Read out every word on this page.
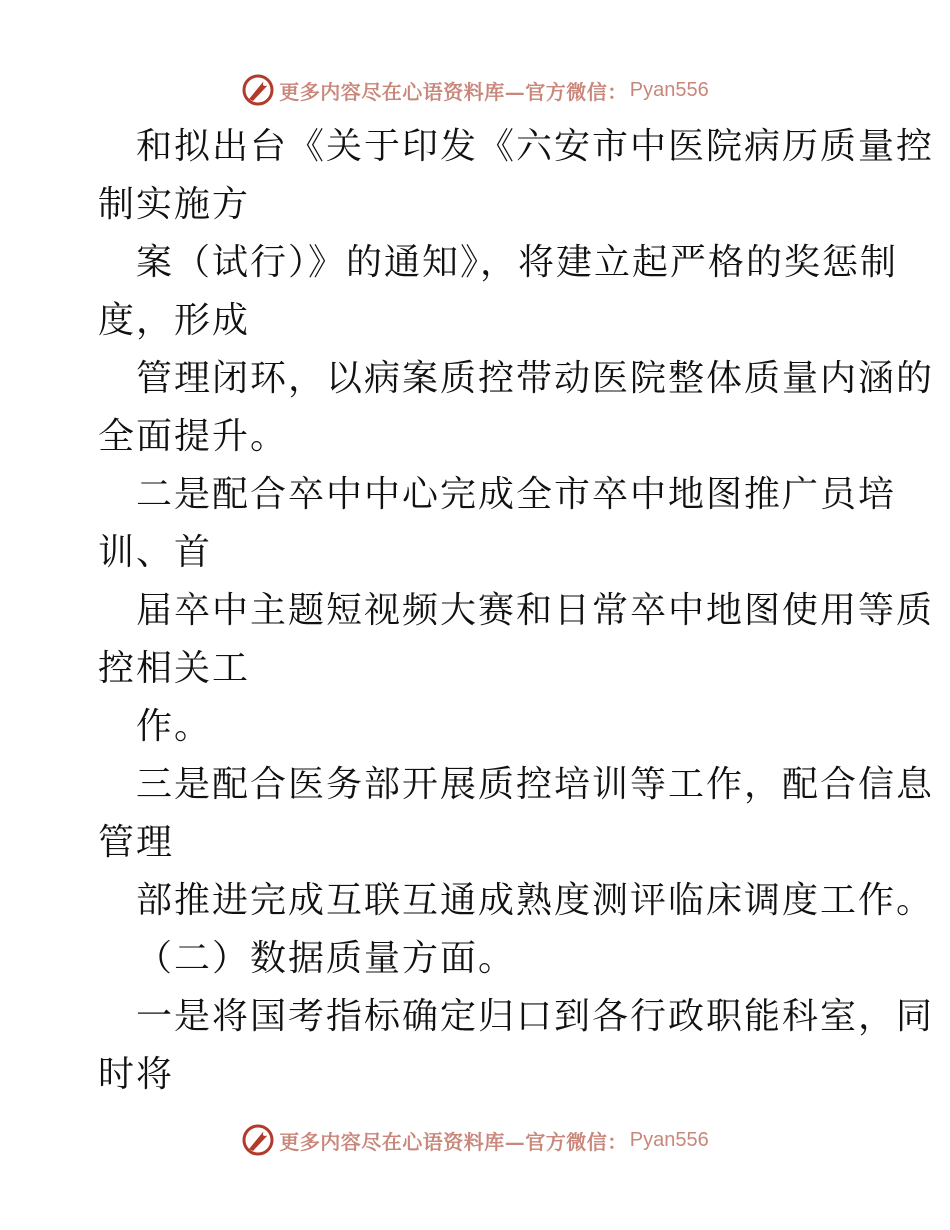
更多内容尽在心语资料库—官方微信： Pyan556
和拟出台《关于印发《六安市中医院病历质量控
制实施方
案（试行）》的通知》，将建立起严格的奖惩制
度，形成
管理闭环，以病案质控带动医院整体质量内涵的
全面提升。
二是配合卒中中心完成全市卒中地图推广员培
训、首
届卒中主题短视频大赛和日常卒中地图使用等质
控相关工
作。
三是配合医务部开展质控培训等工作，配合信息
管理
部推进完成互联互通成熟度测评临床调度工作。
（二）数据质量方面。
一是将国考指标确定归口到各行政职能科室，同
时将
更多内容尽在心语资料库—官方微信： Pyan556
